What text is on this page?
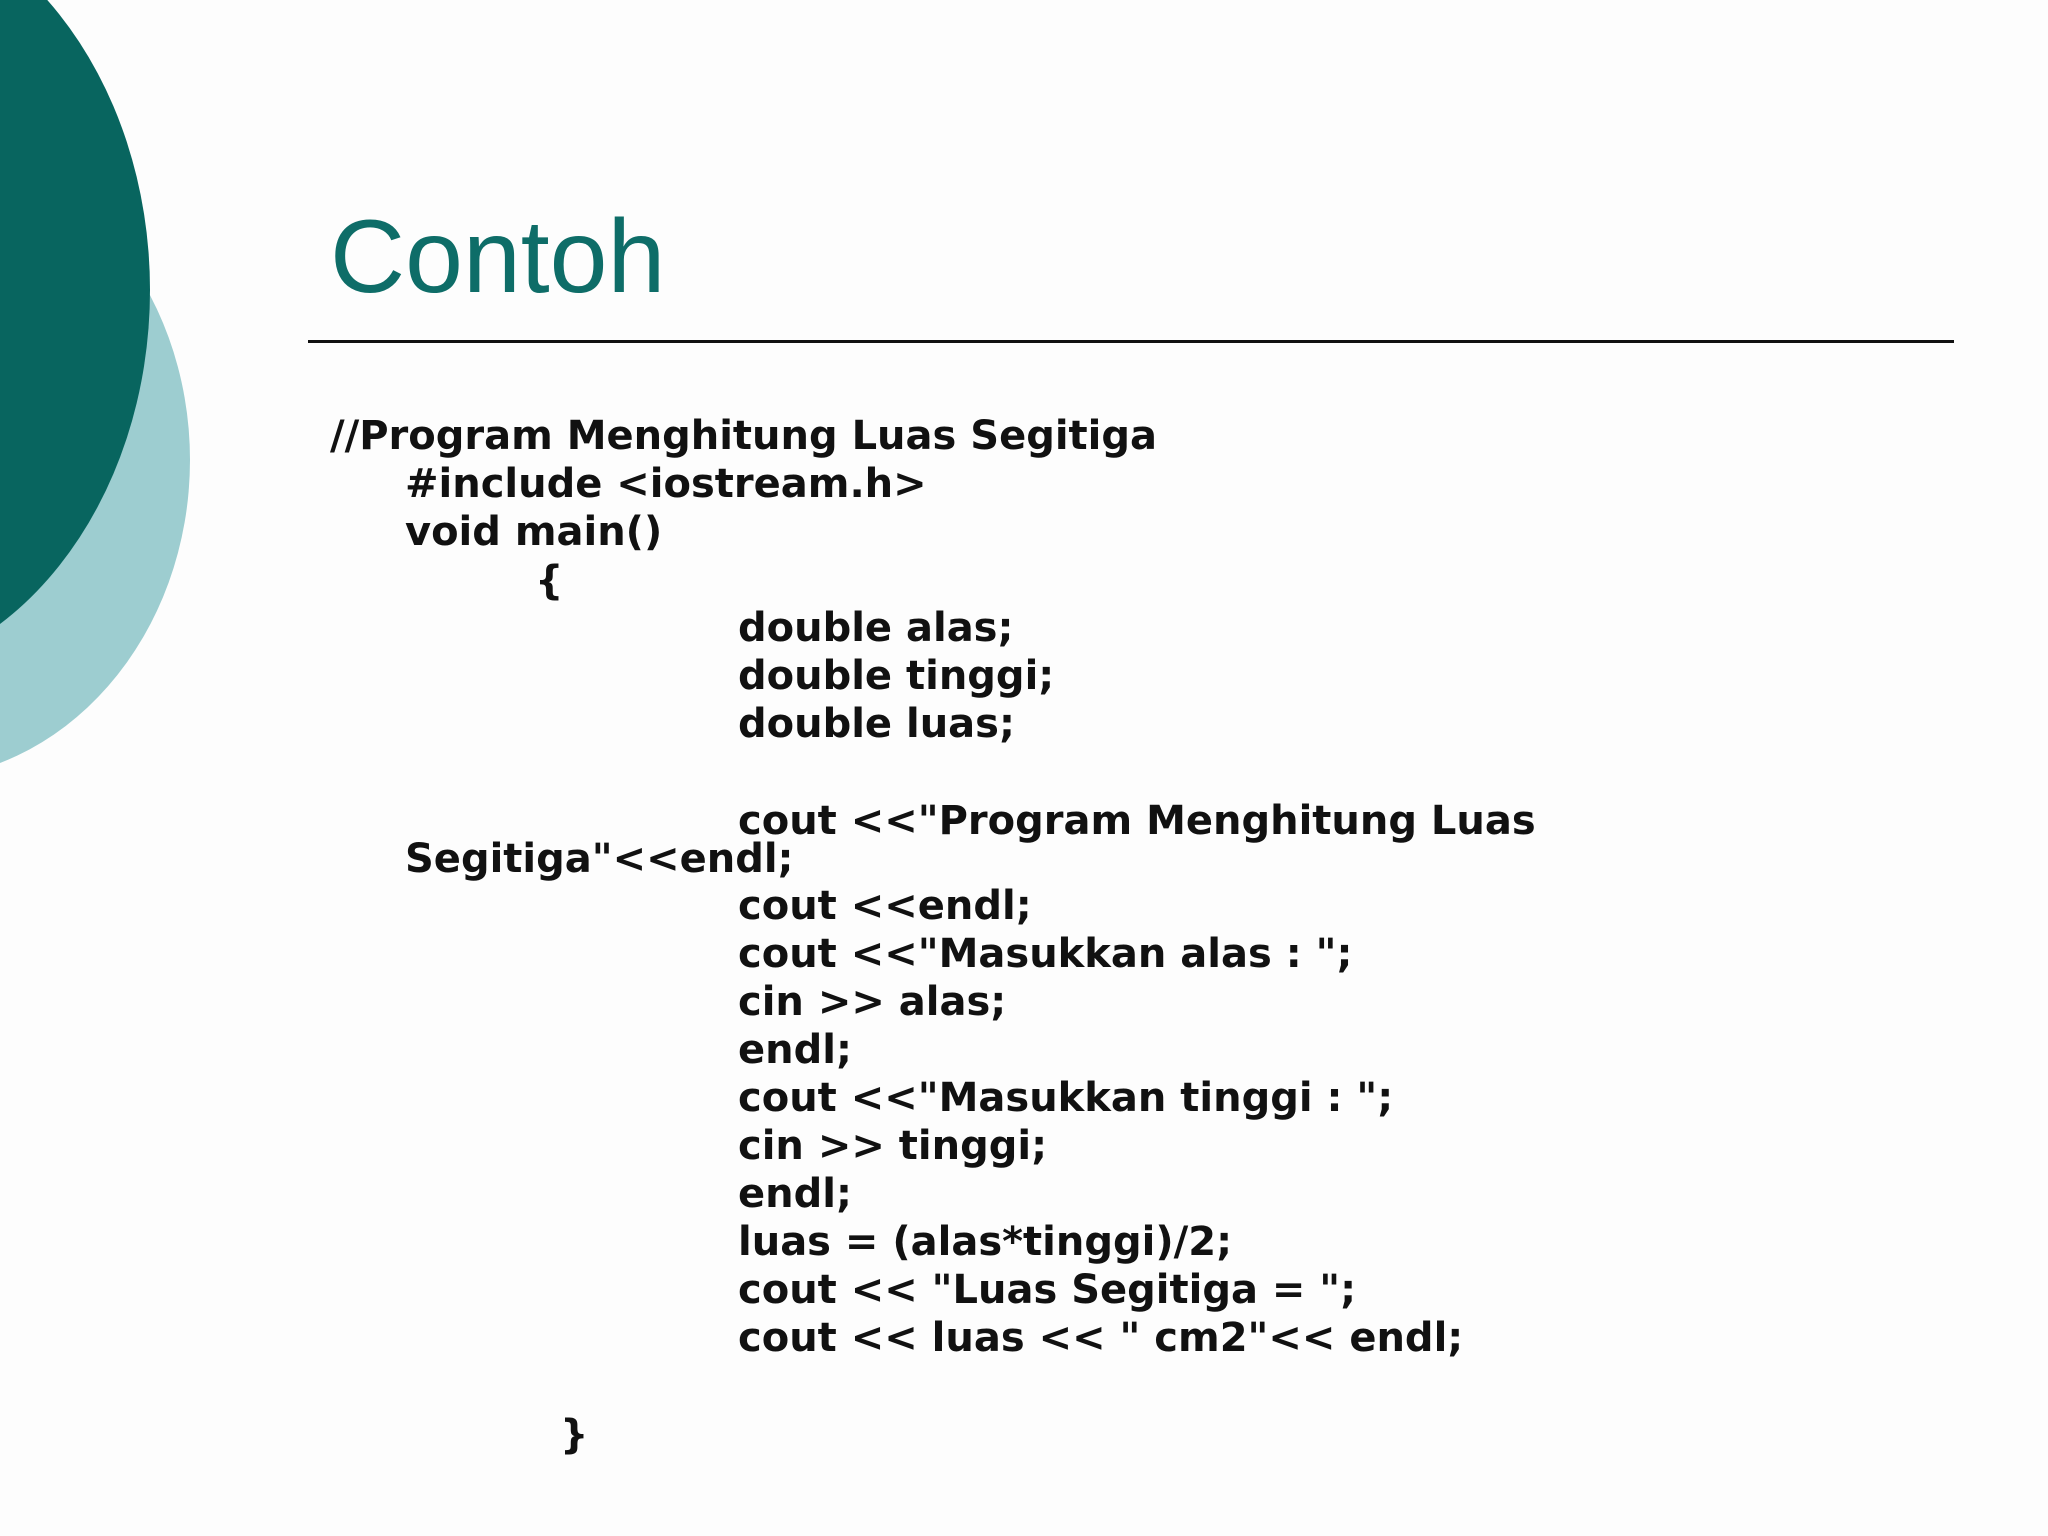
Contoh
//Program Menghitung Luas Segitiga
#include <iostream.h>
void main()
{
double alas;
double tinggi;
double luas;
cout <<"Program Menghitung Luas
Segitiga"<<endl;
cout <<endl;
cout <<"Masukkan alas : ";
cin >> alas;
endl;
cout <<"Masukkan tinggi : ";
cin >> tinggi;
endl;
luas = (alas*tinggi)/2;
cout << "Luas Segitiga = ";
cout << luas << " cm2"<< endl;
}
